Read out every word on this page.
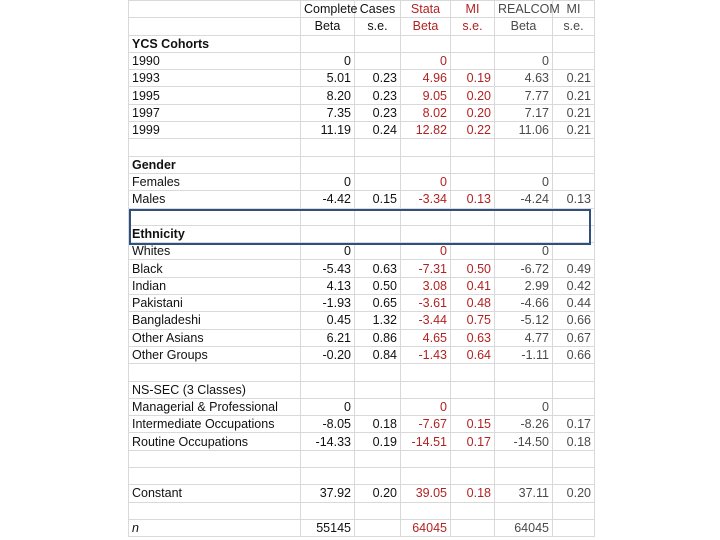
	Complete	Cases	Stata	MI	REALCOM	MI
	Beta	s.e.	Beta	s.e.	Beta	s.e.
YCS Cohorts						
1990	0		0		0	
1993	5.01	0.23	4.96	0.19	4.63	0.21
1995	8.20	0.23	9.05	0.20	7.77	0.21
1997	7.35	0.23	8.02	0.20	7.17	0.21
1999	11.19	0.24	12.82	0.22	11.06	0.21

Gender						
Females	0		0		0	
Males	-4.42	0.15	-3.34	0.13	-4.24	0.13

Ethnicity						
Whites	0		0		0	
Black	-5.43	0.63	-7.31	0.50	-6.72	0.49
Indian	4.13	0.50	3.08	0.41	2.99	0.42
Pakistani	-1.93	0.65	-3.61	0.48	-4.66	0.44
Bangladeshi	0.45	1.32	-3.44	0.75	-5.12	0.66
Other Asians	6.21	0.86	4.65	0.63	4.77	0.67
Other Groups	-0.20	0.84	-1.43	0.64	-1.11	0.66

NS-SEC (3 Classes)						
Managerial & Professional	0		0		0	
Intermediate Occupations	-8.05	0.18	-7.67	0.15	-8.26	0.17
Routine Occupations	-14.33	0.19	-14.51	0.17	-14.50	0.18

Constant	37.92	0.20	39.05	0.18	37.11	0.20

n	55145		64045		64045	
